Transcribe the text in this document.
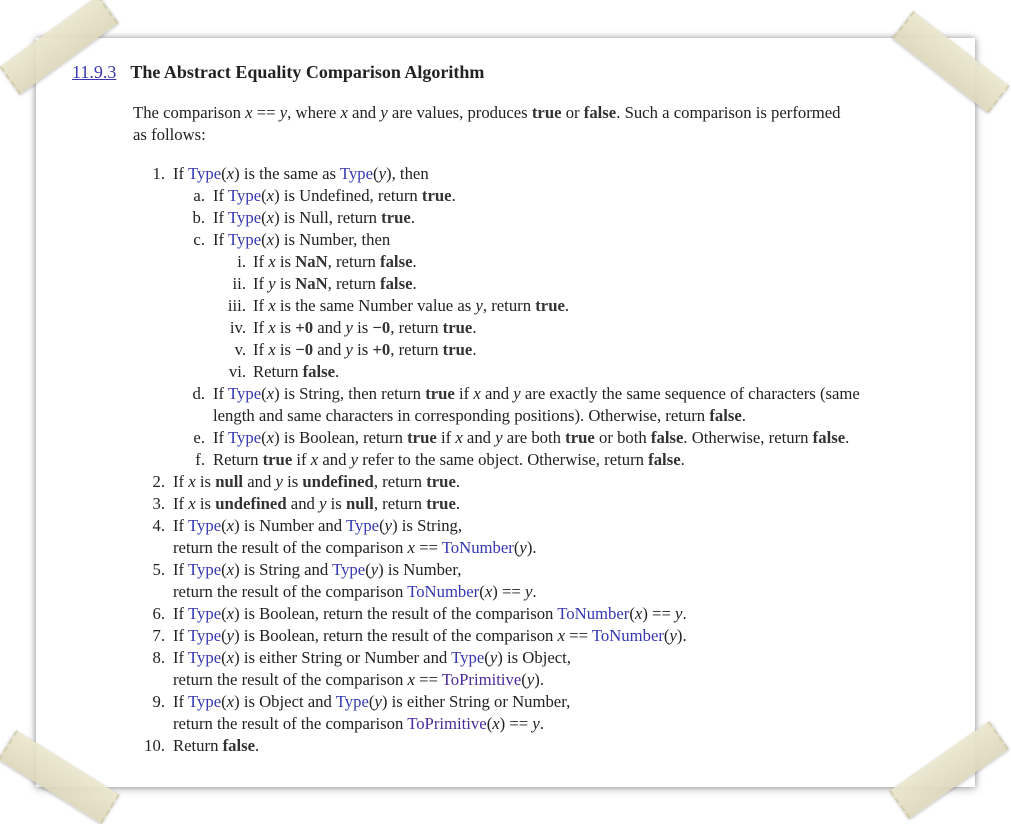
11.9.3 The Abstract Equality Comparison Algorithm
The comparison x == y, where x and y are values, produces true or false. Such a comparison is performed
as follows:
1. If Type(x) is the same as Type(y), then
a. If Type(x) is Undefined, return true.
b. If Type(x) is Null, return true.
c. If Type(x) is Number, then
i. If x is NaN, return false.
ii. If y is NaN, return false.
iii. If x is the same Number value as y, return true.
iv. If x is +0 and y is −0, return true.
v. If x is −0 and y is +0, return true.
vi. Return false.
d. If Type(x) is String, then return true if x and y are exactly the same sequence of characters (same
length and same characters in corresponding positions). Otherwise, return false.
e. If Type(x) is Boolean, return true if x and y are both true or both false. Otherwise, return false.
f. Return true if x and y refer to the same object. Otherwise, return false.
2. If x is null and y is undefined, return true.
3. If x is undefined and y is null, return true.
4. If Type(x) is Number and Type(y) is String,
return the result of the comparison x == ToNumber(y).
5. If Type(x) is String and Type(y) is Number,
return the result of the comparison ToNumber(x) == y.
6. If Type(x) is Boolean, return the result of the comparison ToNumber(x) == y.
7. If Type(y) is Boolean, return the result of the comparison x == ToNumber(y).
8. If Type(x) is either String or Number and Type(y) is Object,
return the result of the comparison x == ToPrimitive(y).
9. If Type(x) is Object and Type(y) is either String or Number,
return the result of the comparison ToPrimitive(x) == y.
10. Return false.
